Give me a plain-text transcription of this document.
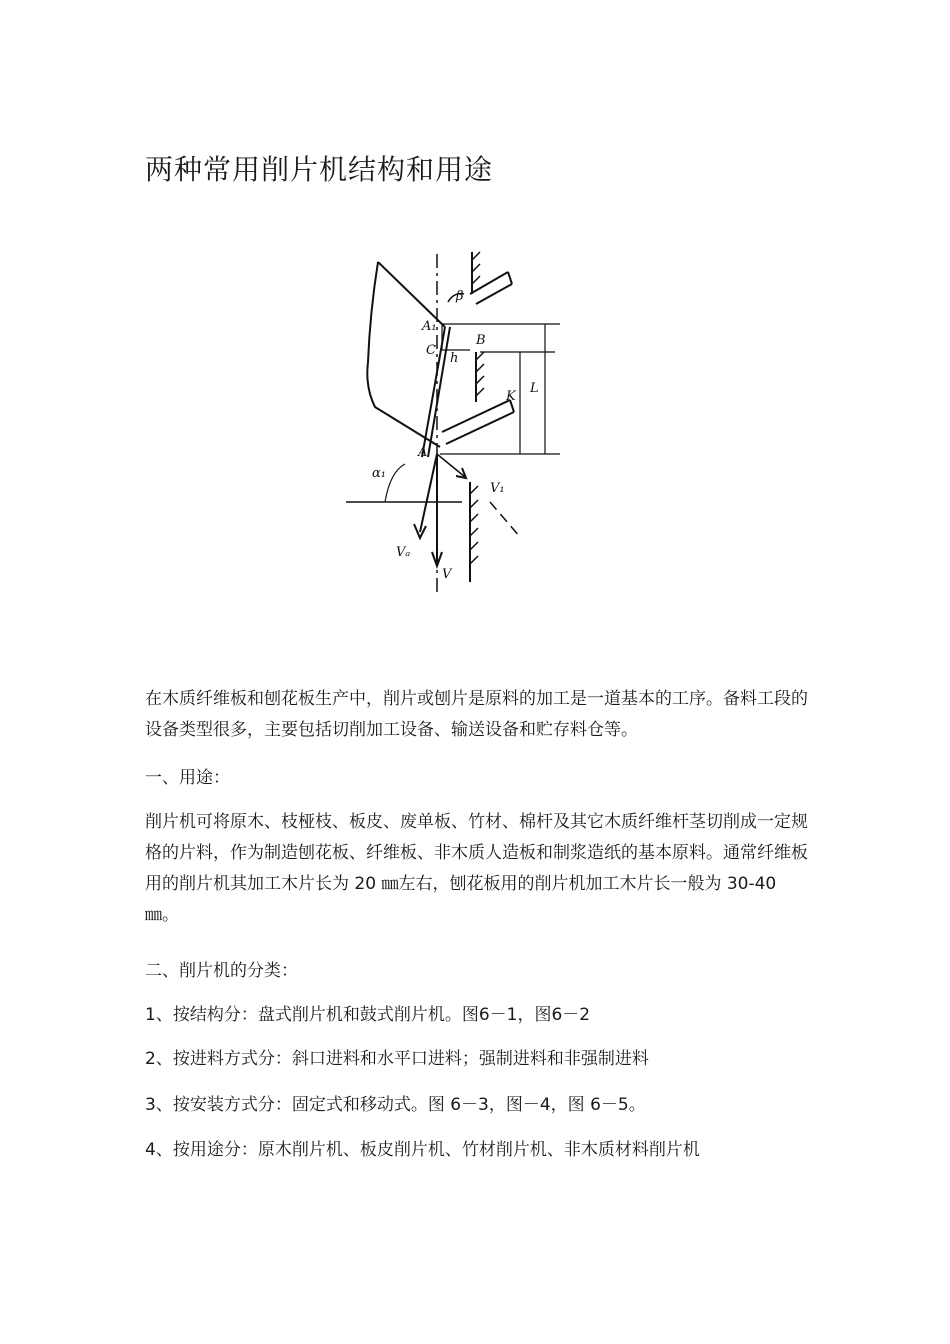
两种常用削片机结构和用途
β
A₁
B
C
h
K
L
A
α₁
V₁
Vₐ
V

在木质纤维板和刨花板生产中，削片或刨片是原料的加工是一道基本的工序。备料工段的设备类型很多，主要包括切削加工设备、输送设备和贮存料仓等。

一、用途：

削片机可将原木、枝桠枝、板皮、废单板、竹材、棉杆及其它木质纤维杆茎切削成一定规格的片料，作为制造刨花板、纤维板、非木质人造板和制浆造纸的基本原料。通常纤维板用的削片机其加工木片长为 20 ㎜左右，刨花板用的削片机加工木片长一般为 30-40 ㎜。

二、削片机的分类：

1、按结构分：盘式削片机和鼓式削片机。图6－1，图6－2

2、按进料方式分：斜口进料和水平口进料；强制进料和非强制进料

3、按安装方式分：固定式和移动式。图 6－3，图－4，图 6－5。

4、按用途分：原木削片机、板皮削片机、竹材削片机、非木质材料削片机
